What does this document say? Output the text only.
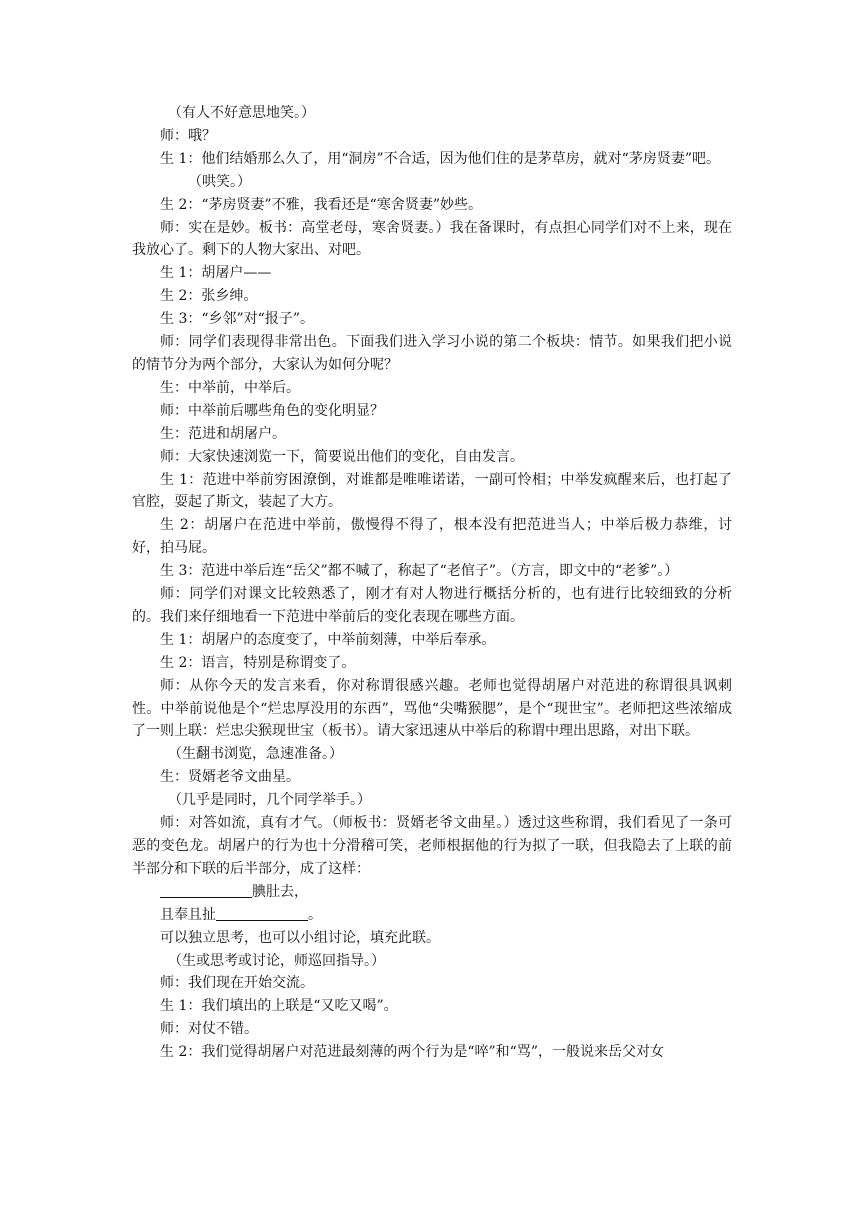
（有人不好意思地笑。）

师：哦？

生 1：他们结婚那么久了，用“洞房”不合适，因为他们住的是茅草房，就对“茅房贤妻”吧。

（哄笑。）

生 2：“茅房贤妻”不雅，我看还是“寒舍贤妻”妙些。

师：实在是妙。板书：高堂老母，寒舍贤妻。）我在备课时，有点担心同学们对不上来，现在我放心了。剩下的人物大家出、对吧。

生 1：胡屠户——

生 2：张乡绅。

生 3：“乡邻”对“报子”。

师：同学们表现得非常出色。下面我们进入学习小说的第二个板块：情节。如果我们把小说的情节分为两个部分，大家认为如何分呢？

生：中举前，中举后。

师：中举前后哪些角色的变化明显？

生：范进和胡屠户。

师：大家快速浏览一下，简要说出他们的变化，自由发言。

生 1：范进中举前穷困潦倒，对谁都是唯唯诺诺，一副可怜相；中举发疯醒来后，也打起了官腔，耍起了斯文，装起了大方。

生 2：胡屠户在范进中举前，傲慢得不得了，根本没有把范进当人；中举后极力恭维，讨好，拍马屁。

生 3：范进中举后连“岳父”都不喊了，称起了“老倌子”。（方言，即文中的“老爹”。）

师：同学们对课文比较熟悉了，刚才有对人物进行概括分析的，也有进行比较细致的分析的。我们来仔细地看一下范进中举前后的变化表现在哪些方面。

生 1：胡屠户的态度变了，中举前刻薄，中举后奉承。

生 2：语言，特别是称谓变了。

师：从你今天的发言来看，你对称谓很感兴趣。老师也觉得胡屠户对范进的称谓很具讽刺性。中举前说他是个“烂忠厚没用的东西”，骂他“尖嘴猴腮”，是个“现世宝”。老师把这些浓缩成了一则上联：烂忠尖猴现世宝（板书）。请大家迅速从中举后的称谓中理出思路，对出下联。

（生翻书浏览，急速准备。）

生：贤婿老爷文曲星。

（几乎是同时，几个同学举手。）

师：对答如流，真有才气。（师板书：贤婿老爷文曲星。）透过这些称谓，我们看见了一条可恶的变色龙。胡屠户的行为也十分滑稽可笑，老师根据他的行为拟了一联，但我隐去了上联的前半部分和下联的后半部分，成了这样：

腆肚去，

且奉且扯	。

可以独立思考，也可以小组讨论，填充此联。

（生或思考或讨论，师巡回指导。）

师：我们现在开始交流。

生 1：我们填出的上联是“又吃又喝”。

师：对仗不错。

生 2：我们觉得胡屠户对范进最刻薄的两个行为是“啐”和“骂”，一般说来岳父对女
